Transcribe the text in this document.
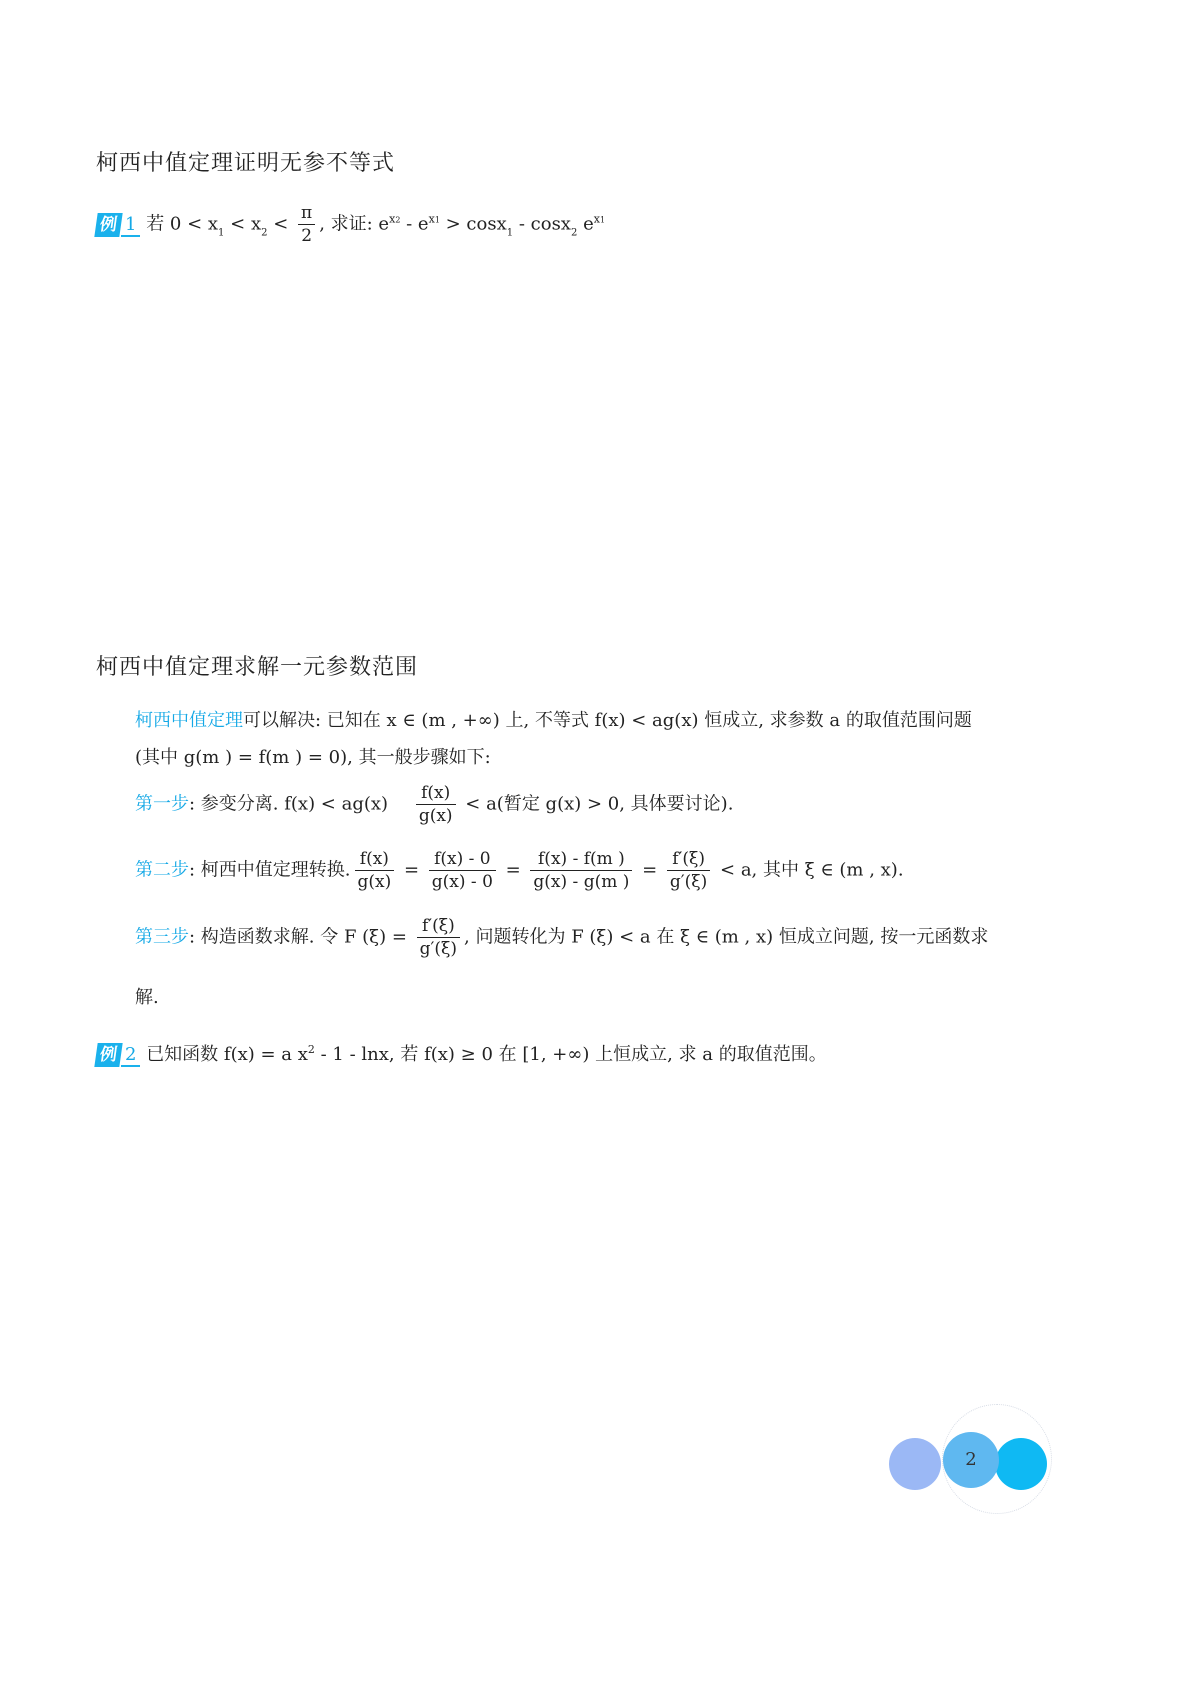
柯西中值定理证明无参不等式
例 1 若 $0 < x_1 < x_2 < \frac{\pi}{2}$ , 求证: $e^{x2} - e^{x1} > \cos x_1 - \cos x_2$ $e^{x1}$
柯西中值定理求解一元参数范围
柯西中值定理可以解决: 已知在 x ∈ (m , +∞) 上, 不等式 f(x) < ag(x) 恒成立, 求参数 a 的取值范围问题
(其中 g(m ) = f(m ) = 0), 其一般步骤如下:
第一步: 参变分离. $f(x) < ag(x) \frac{f(x)}{g(x)} < a$(暂定 g(x) > 0, 具体要讨论).
第二步: 柯西中值定理转换. $\frac{f(x)}{g(x)} = \frac{f(x) - 0}{g(x) - 0} = \frac{f(x) - f(m )}{g(x) - g(m )} = \frac{f'(\xi)}{g'(\xi)} < a$, 其中 ξ ∈ (m , x).
第三步: 构造函数求解. 令 F $(\xi) = \frac{f'(\xi)}{g'(\xi)}$ , 问题转化为 F (ξ) < a 在 ξ ∈ (m , x) 恒成立问题, 按一元函数求
解.
例 2 已知函数 f(x) = a $x^2 - 1$ - lnx, 若 f(x) ≥ 0 在 [1, +∞) 上恒成立, 求 a 的取值范围。
2
